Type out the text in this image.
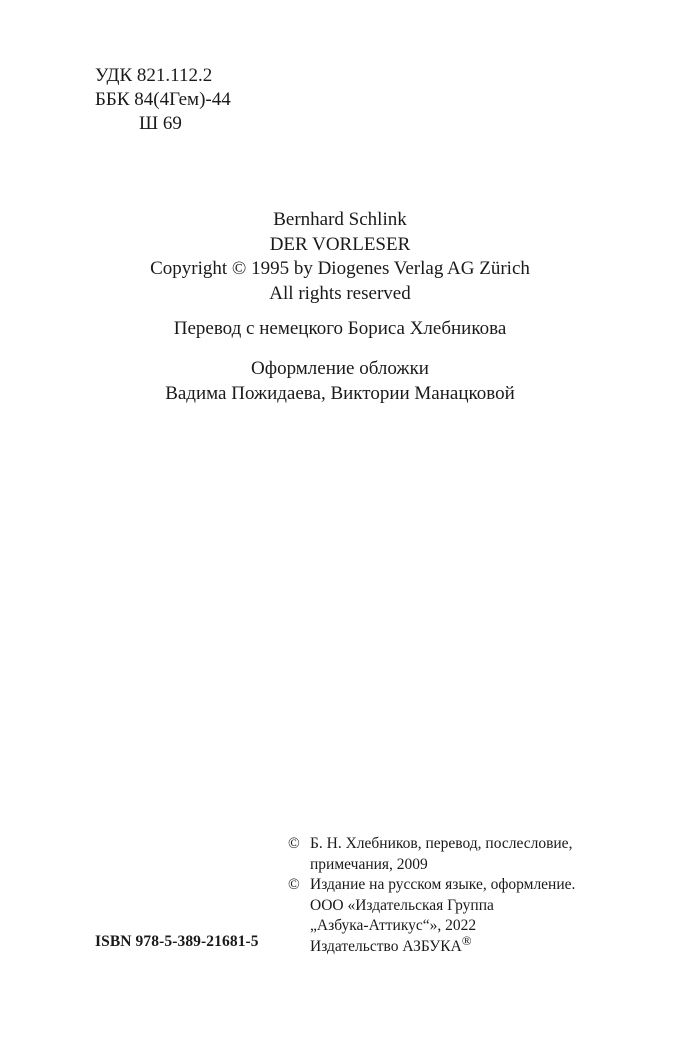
УДК 821.112.2
ББК 84(4Гем)-44
Ш 69
Bernhard Schlink
DER VORLESER
Copyright © 1995 by Diogenes Verlag AG Zürich
All rights reserved
Перевод с немецкого Бориса Хлебникова
Оформление обложки
Вадима Пожидаева, Виктории Манацковой
© Б. Н. Хлебников, перевод, послесловие,
примечания, 2009
© Издание на русском языке, оформление.
ООО «Издательская Группа
„Азбука-Аттикус“», 2022
Издательство АЗБУКА®
ISBN 978-5-389-21681-5
